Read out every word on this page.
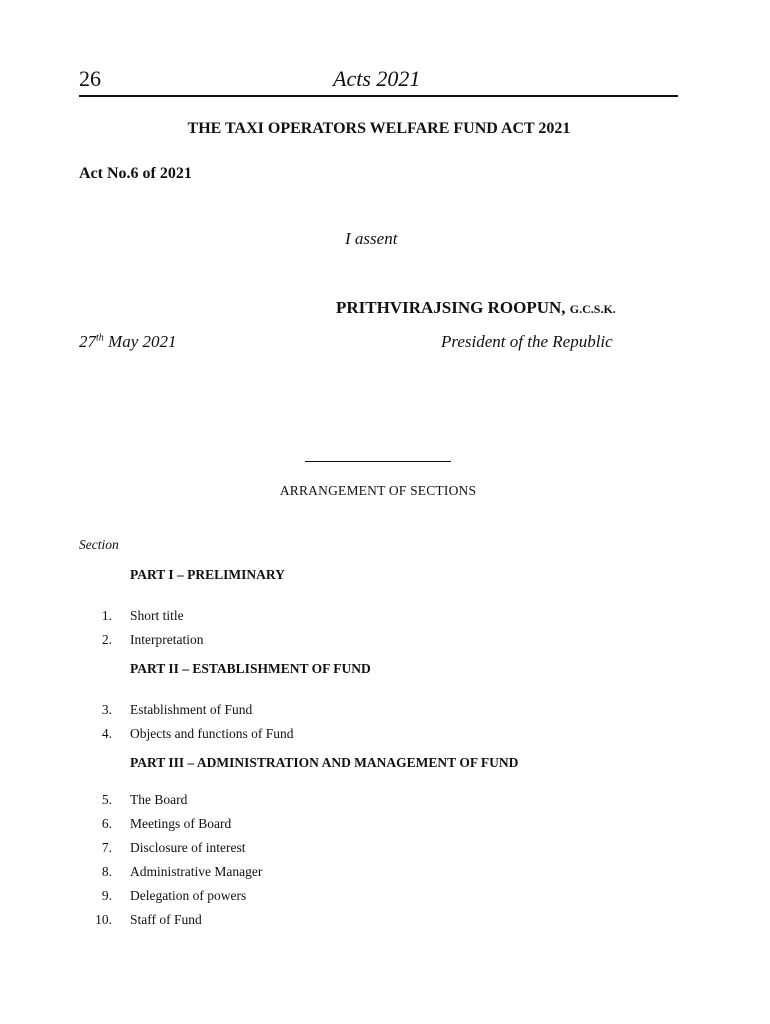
26	Acts 2021
THE TAXI OPERATORS WELFARE FUND ACT 2021
Act No.6 of 2021
I assent
PRITHVIRAJSING ROOPUN, G.C.S.K.
27th May 2021	President of the Republic
ARRANGEMENT OF SECTIONS
Section
PART I – PRELIMINARY
1. Short title
2. Interpretation
PART II – ESTABLISHMENT OF FUND
3. Establishment of Fund
4. Objects and functions of Fund
PART III – ADMINISTRATION AND MANAGEMENT OF FUND
5. The Board
6. Meetings of Board
7. Disclosure of interest
8. Administrative Manager
9. Delegation of powers
10. Staff of Fund
